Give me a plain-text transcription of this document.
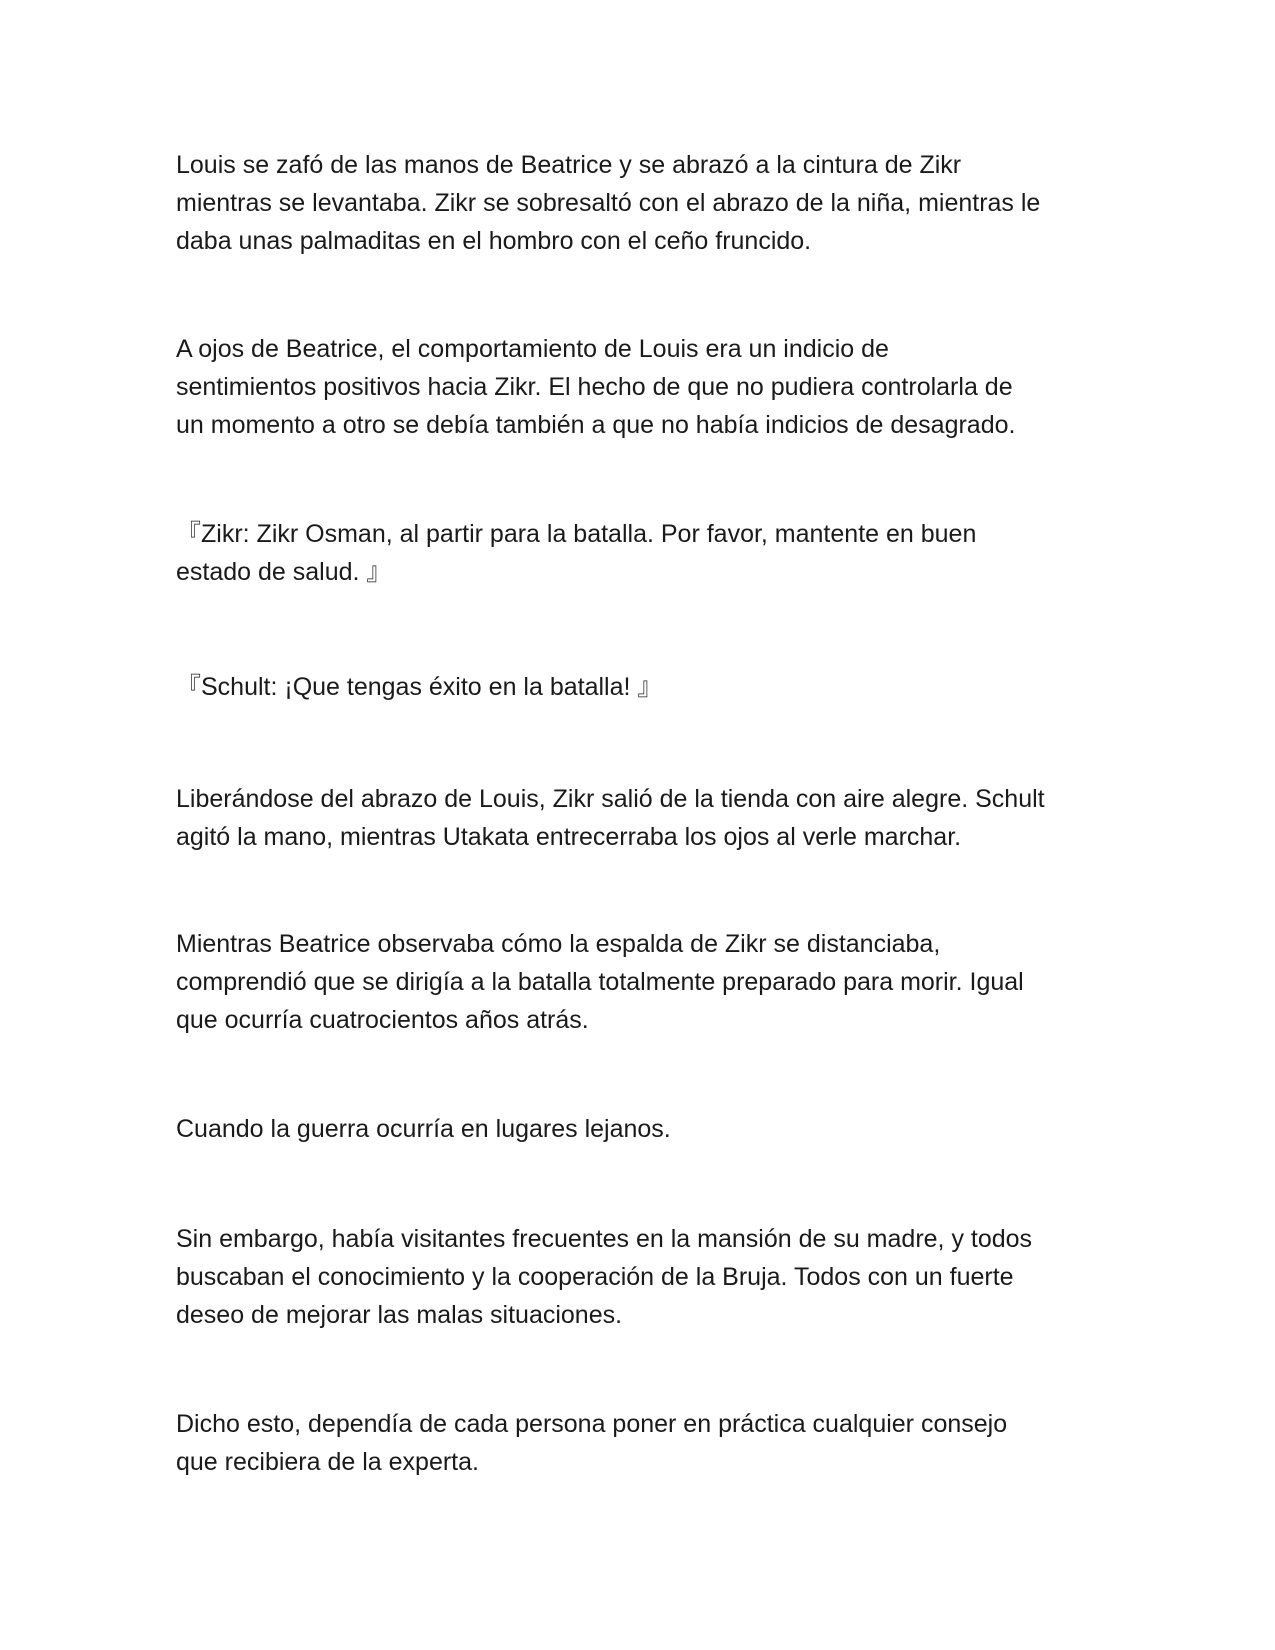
Louis se zafó de las manos de Beatrice y se abrazó a la cintura de Zikr
mientras se levantaba. Zikr se sobresaltó con el abrazo de la niña, mientras le
daba unas palmaditas en el hombro con el ceño fruncido.
A ojos de Beatrice, el comportamiento de Louis era un indicio de
sentimientos positivos hacia Zikr. El hecho de que no pudiera controlarla de
un momento a otro se debía también a que no había indicios de desagrado.
『Zikr: Zikr Osman, al partir para la batalla. Por favor, mantente en buen
estado de salud. 』
『Schult: ¡Que tengas éxito en la batalla! 』
Liberándose del abrazo de Louis, Zikr salió de la tienda con aire alegre. Schult
agitó la mano, mientras Utakata entrecerraba los ojos al verle marchar.
Mientras Beatrice observaba cómo la espalda de Zikr se distanciaba,
comprendió que se dirigía a la batalla totalmente preparado para morir. Igual
que ocurría cuatrocientos años atrás.
Cuando la guerra ocurría en lugares lejanos.
Sin embargo, había visitantes frecuentes en la mansión de su madre, y todos
buscaban el conocimiento y la cooperación de la Bruja. Todos con un fuerte
deseo de mejorar las malas situaciones.
Dicho esto, dependía de cada persona poner en práctica cualquier consejo
que recibiera de la experta.
